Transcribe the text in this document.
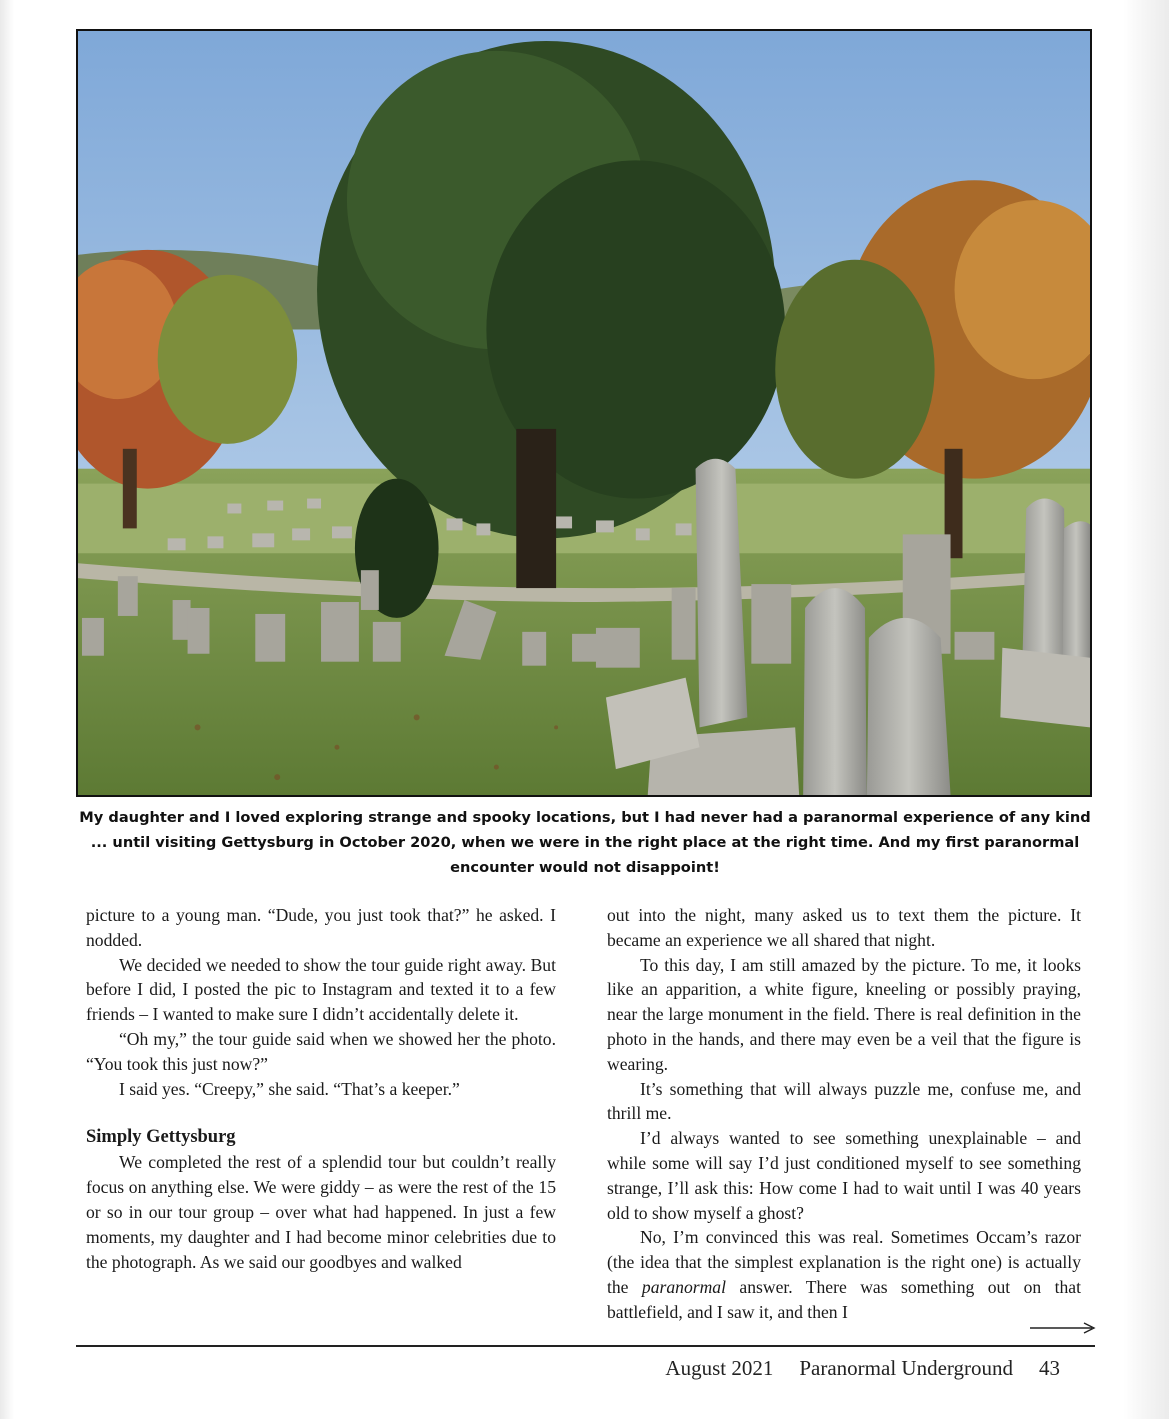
My daughter and I loved exploring strange and spooky locations, but I had never had a paranormal experience of any kind ... until visiting Gettysburg in October 2020, when we were in the right place at the right time. And my first paranormal encounter would not disappoint!

picture to a young man. “Dude, you just took that?” he asked. I nodded.

We decided we needed to show the tour guide right away. But before I did, I posted the pic to Instagram and texted it to a few friends – I wanted to make sure I didn’t accidentally delete it.

“Oh my,” the tour guide said when we showed her the photo. “You took this just now?”

I said yes. “Creepy,” she said. “That’s a keeper.”

Simply Gettysburg

We completed the rest of a splendid tour but couldn’t really focus on anything else. We were giddy – as were the rest of the 15 or so in our tour group – over what had happened. In just a few moments, my daughter and I had become minor celebrities due to the photograph. As we said our goodbyes and walked

out into the night, many asked us to text them the picture. It became an experience we all shared that night.

To this day, I am still amazed by the picture. To me, it looks like an apparition, a white figure, kneeling or possibly praying, near the large monument in the field. There is real definition in the photo in the hands, and there may even be a veil that the figure is wearing.

It’s something that will always puzzle me, confuse me, and thrill me.

I’d always wanted to see something unexplainable – and while some will say I’d just conditioned myself to see something strange, I’ll ask this: How come I had to wait until I was 40 years old to show myself a ghost?

No, I’m convinced this was real. Sometimes Occam’s razor (the idea that the simplest explanation is the right one) is actually the paranormal answer. There was something out on that battlefield, and I saw it, and then I

August 2021 Paranormal Underground 43
